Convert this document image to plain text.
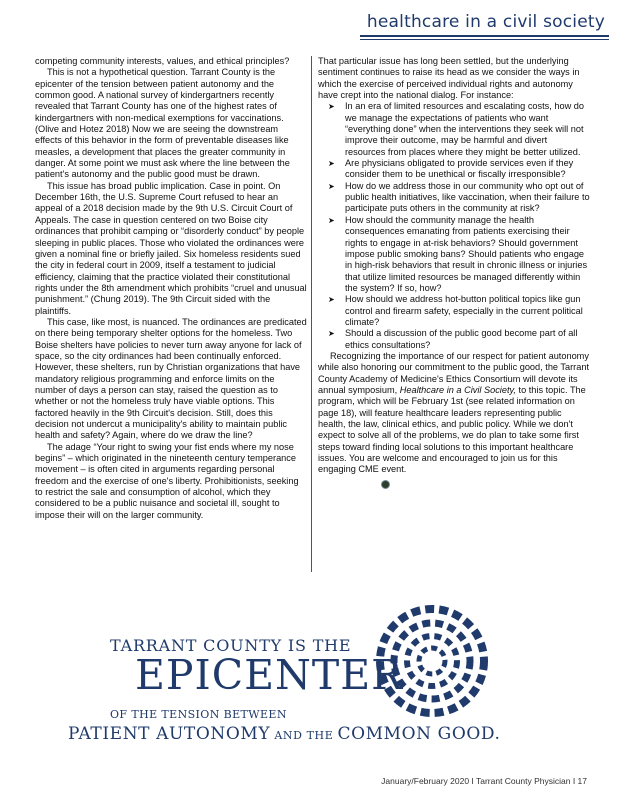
healthcare in a civil society

competing community interests, values, and ethical principles?

This is not a hypothetical question. Tarrant County is the epicenter of the tension between patient autonomy and the common good. A national survey of kindergartners recently revealed that Tarrant County has one of the highest rates of kindergartners with non-medical exemptions for vaccinations. (Olive and Hotez 2018) Now we are seeing the downstream effects of this behavior in the form of preventable diseases like measles, a development that places the greater community in danger. At some point we must ask where the line between the patient's autonomy and the public good must be drawn.

This issue has broad public implication. Case in point. On December 16th, the U.S. Supreme Court refused to hear an appeal of a 2018 decision made by the 9th U.S. Circuit Court of Appeals. The case in question centered on two Boise city ordinances that prohibit camping or “disorderly conduct” by people sleeping in public places. Those who violated the ordinances were given a nominal fine or briefly jailed. Six homeless residents sued the city in federal court in 2009, itself a testament to judicial efficiency, claiming that the practice violated their constitutional rights under the 8th amendment which prohibits “cruel and unusual punishment.” (Chung 2019). The 9th Circuit sided with the plaintiffs.

This case, like most, is nuanced. The ordinances are predicated on there being temporary shelter options for the homeless. Two Boise shelters have policies to never turn away anyone for lack of space, so the city ordinances had been continually enforced. However, these shelters, run by Christian organizations that have mandatory religious programming and enforce limits on the number of days a person can stay, raised the question as to whether or not the homeless truly have viable options. This factored heavily in the 9th Circuit's decision. Still, does this decision not undercut a municipality's ability to maintain public health and safety? Again, where do we draw the line?

The adage “Your right to swing your fist ends where my nose begins” – which originated in the nineteenth century temperance movement – is often cited in arguments regarding personal freedom and the exercise of one's liberty. Prohibitionists, seeking to restrict the sale and consumption of alcohol, which they considered to be a public nuisance and societal ill, sought to impose their will on the larger community.

That particular issue has long been settled, but the underlying sentiment continues to raise its head as we consider the ways in which the exercise of perceived individual rights and autonomy have crept into the national dialog. For instance:

➤ In an era of limited resources and escalating costs, how do we manage the expectations of patients who want “everything done” when the interventions they seek will not improve their outcome, may be harmful and divert resources from places where they might be better utilized.
➤ Are physicians obligated to provide services even if they consider them to be unethical or fiscally irresponsible?
➤ How do we address those in our community who opt out of public health initiatives, like vaccination, when their failure to participate puts others in the community at risk?
➤ How should the community manage the health consequences emanating from patients exercising their rights to engage in at-risk behaviors? Should government impose public smoking bans? Should patients who engage in high-risk behaviors that result in chronic illness or injuries that utilize limited resources be managed differently within the system? If so, how?
➤ How should we address hot-button political topics like gun control and firearm safety, especially in the current political climate?
➤ Should a discussion of the public good become part of all ethics consultations?

Recognizing the importance of our respect for patient autonomy while also honoring our commitment to the public good, the Tarrant County Academy of Medicine's Ethics Consortium will devote its annual symposium, Healthcare in a Civil Society, to this topic. The program, which will be February 1st (see related information on page 18), will feature healthcare leaders representing public health, the law, clinical ethics, and public policy. While we don't expect to solve all of the problems, we do plan to take some first steps toward finding local solutions to this important healthcare issues. You are welcome and encouraged to join us for this engaging CME event.

TARRANT COUNTY IS THE
EPICENTER
OF THE TENSION BETWEEN
PATIENT AUTONOMY AND THE COMMON GOOD.
January/February 2020 I Tarrant County Physician I 17
